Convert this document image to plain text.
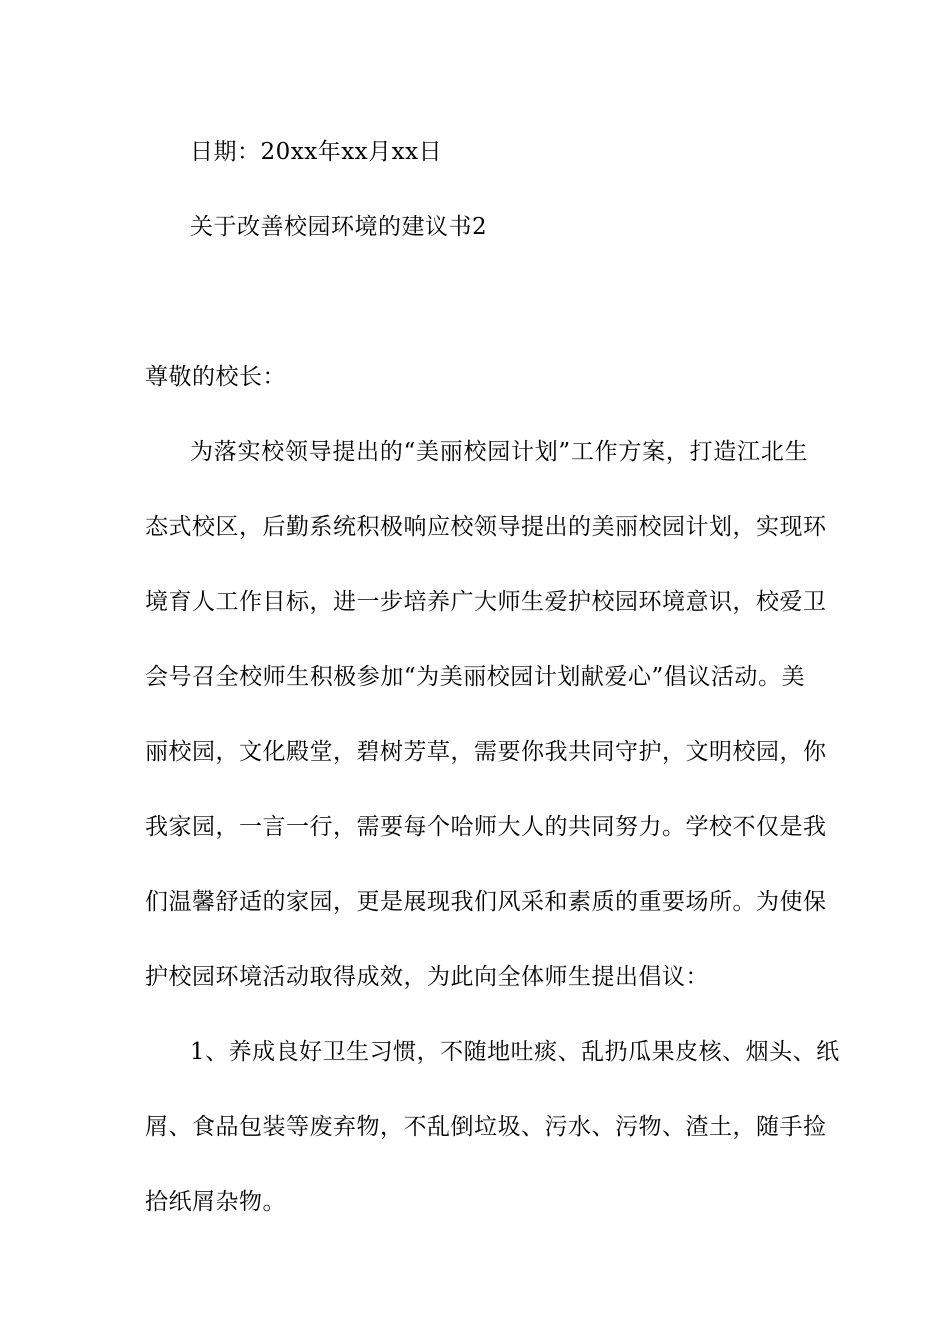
日期：20xx年xx月xx日
关于改善校园环境的建议书2
尊敬的校长：
为落实校领导提出的“美丽校园计划”工作方案，打造江北生
态式校区，后勤系统积极响应校领导提出的美丽校园计划，实现环
境育人工作目标，进一步培养广大师生爱护校园环境意识，校爱卫
会号召全校师生积极参加“为美丽校园计划献爱心”倡议活动。美
丽校园，文化殿堂，碧树芳草，需要你我共同守护，文明校园，你
我家园，一言一行，需要每个哈师大人的共同努力。学校不仅是我
们温馨舒适的家园，更是展现我们风采和素质的重要场所。为使保
护校园环境活动取得成效，为此向全体师生提出倡议：
1、养成良好卫生习惯，不随地吐痰、乱扔瓜果皮核、烟头、纸
屑、食品包装等废弃物，不乱倒垃圾、污水、污物、渣土，随手捡
拾纸屑杂物。
